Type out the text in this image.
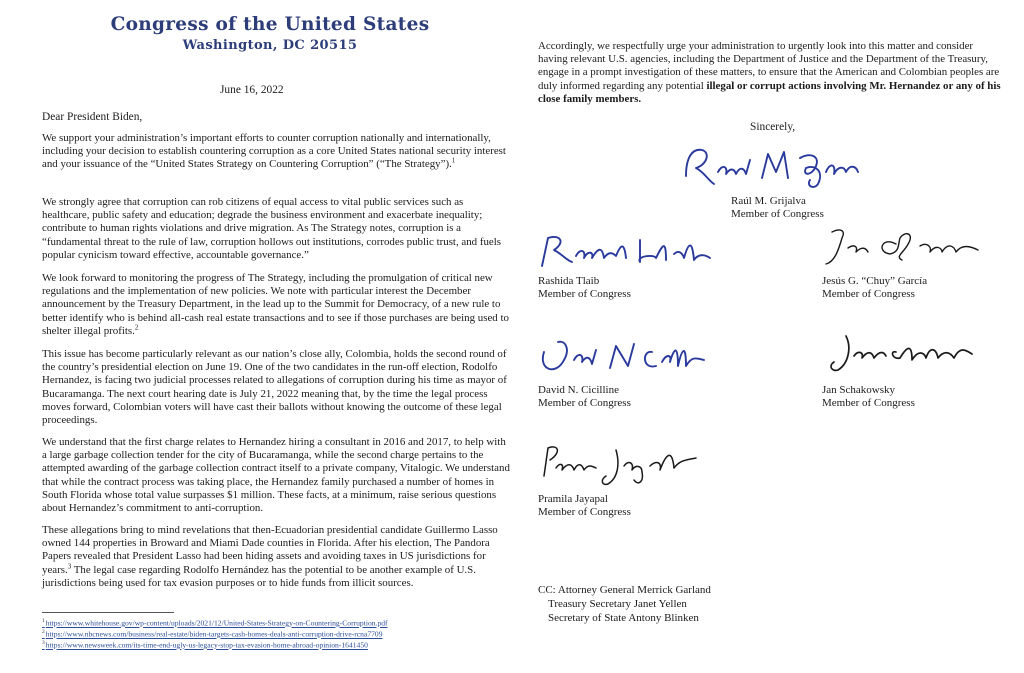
Congress of the United States
Washington, DC 20515
June 16, 2022
Dear President Biden,

We support your administration’s important efforts to counter corruption nationally and internationally, including your decision to establish countering corruption as a core United States national security interest and your issuance of the “United States Strategy on Countering Corruption” (“The Strategy”).$^1$

We strongly agree that corruption can rob citizens of equal access to vital public services such as healthcare, public safety and education; degrade the business environment and exacerbate inequality; contribute to human rights violations and drive migration. As The Strategy notes, corruption is a “fundamental threat to the rule of law, corruption hollows out institutions, corrodes public trust, and fuels popular cynicism toward effective, accountable governance.”

We look forward to monitoring the progress of The Strategy, including the promulgation of critical new regulations and the implementation of new policies. We note with particular interest the December announcement by the Treasury Department, in the lead up to the Summit for Democracy, of a new rule to better identify who is behind all-cash real estate transactions and to see if those purchases are being used to shelter illegal profits.$^2$

This issue has become particularly relevant as our nation’s close ally, Colombia, holds the second round of the country’s presidential election on June 19. One of the two candidates in the run-off election, Rodolfo Hernandez, is facing two judicial processes related to allegations of corruption during his time as mayor of Bucaramanga. The next court hearing date is July 21, 2022 meaning that, by the time the legal process moves forward, Colombian voters will have cast their ballots without knowing the outcome of these legal proceedings.

We understand that the first charge relates to Hernandez hiring a consultant in 2016 and 2017, to help with a large garbage collection tender for the city of Bucaramanga, while the second charge pertains to the attempted awarding of the garbage collection contract itself to a private company, Vitalogic. We understand that while the contract process was taking place, the Hernandez family purchased a number of homes in South Florida whose total value surpasses $1 million. These facts, at a minimum, raise serious questions about Hernandez’s commitment to anti-corruption.

These allegations bring to mind revelations that then-Ecuadorian presidential candidate Guillermo Lasso owned 144 properties in Broward and Miami Dade counties in Florida. After his election, The Pandora Papers revealed that President Lasso had been hiding assets and avoiding taxes in US jurisdictions for years.$^3$ The legal case regarding Rodolfo Hernández has the potential to be another example of U.S. jurisdictions being used for tax evasion purposes or to hide funds from illicit sources.

$^1$https://www.whitehouse.gov/wp-content/uploads/2021/12/United-States-Strategy-on-Countering-Corruption.pdf
$^2$https://www.nbcnews.com/business/real-estate/biden-targets-cash-homes-deals-anti-corruption-drive-rcna7709
$^3$https://www.newsweek.com/its-time-end-ugly-us-legacy-stop-tax-evasion-home-abroad-opinion-1641450

Accordingly, we respectfully urge your administration to urgently look into this matter and consider having relevant U.S. agencies, including the Department of Justice and the Department of the Treasury, engage in a prompt investigation of these matters, to ensure that the American and Colombian peoples are duly informed regarding any potential illegal or corrupt actions involving Mr. Hernandez or any of his close family members.

Sincerely,
Raúl M. Grijalva
Member of Congress
Rashida Tlaib
Member of Congress
Jesús G. “Chuy” García
Member of Congress
David N. Cicilline
Member of Congress
Jan Schakowsky
Member of Congress
Pramila Jayapal
Member of Congress
CC: Attorney General Merrick Garland
Treasury Secretary Janet Yellen
Secretary of State Antony Blinken
